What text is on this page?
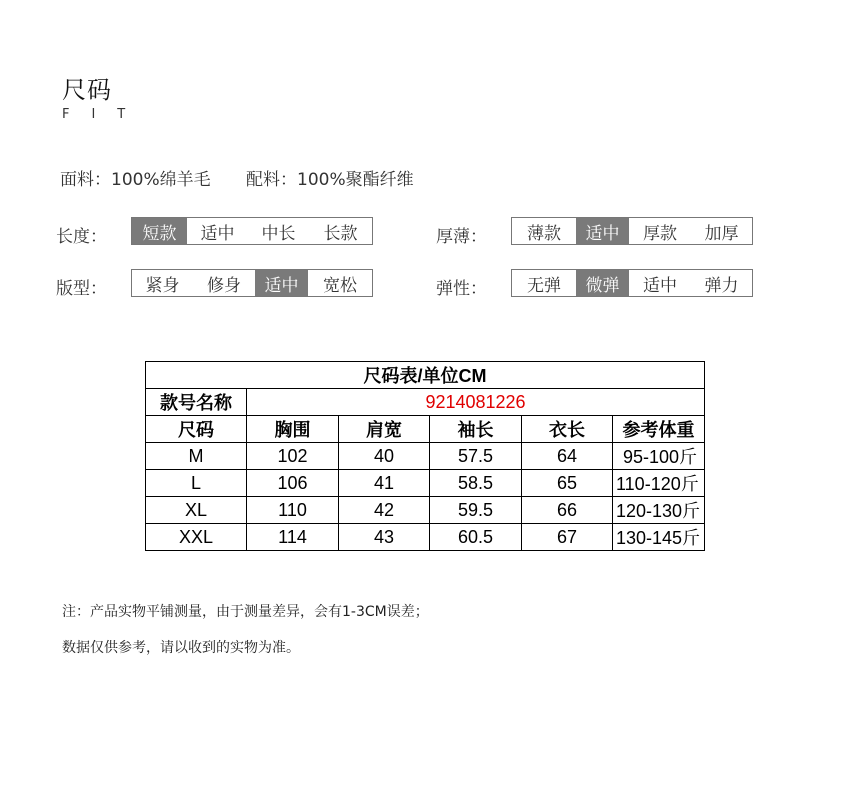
尺码
FIT
面料：100%绵羊毛 配料：100%聚酯纤维
长度：	短款	适中	中长	长款	厚薄：	薄款	适中	厚款	加厚
版型：	紧身	修身	适中	宽松	弹性：	无弹	微弹	适中	弹力
尺码表/单位CM					
款号名称	9214081226				
尺码	胸围	肩宽	袖长	衣长	参考体重
M	102	40	57.5	64	95-100斤
L	106	41	58.5	65	110-120斤
XL	110	42	59.5	66	120-130斤
XXL	114	43	60.5	67	130-145斤
注：产品实物平铺测量，由于测量差异，会有1-3CM误差；
数据仅供参考，请以收到的实物为准。
